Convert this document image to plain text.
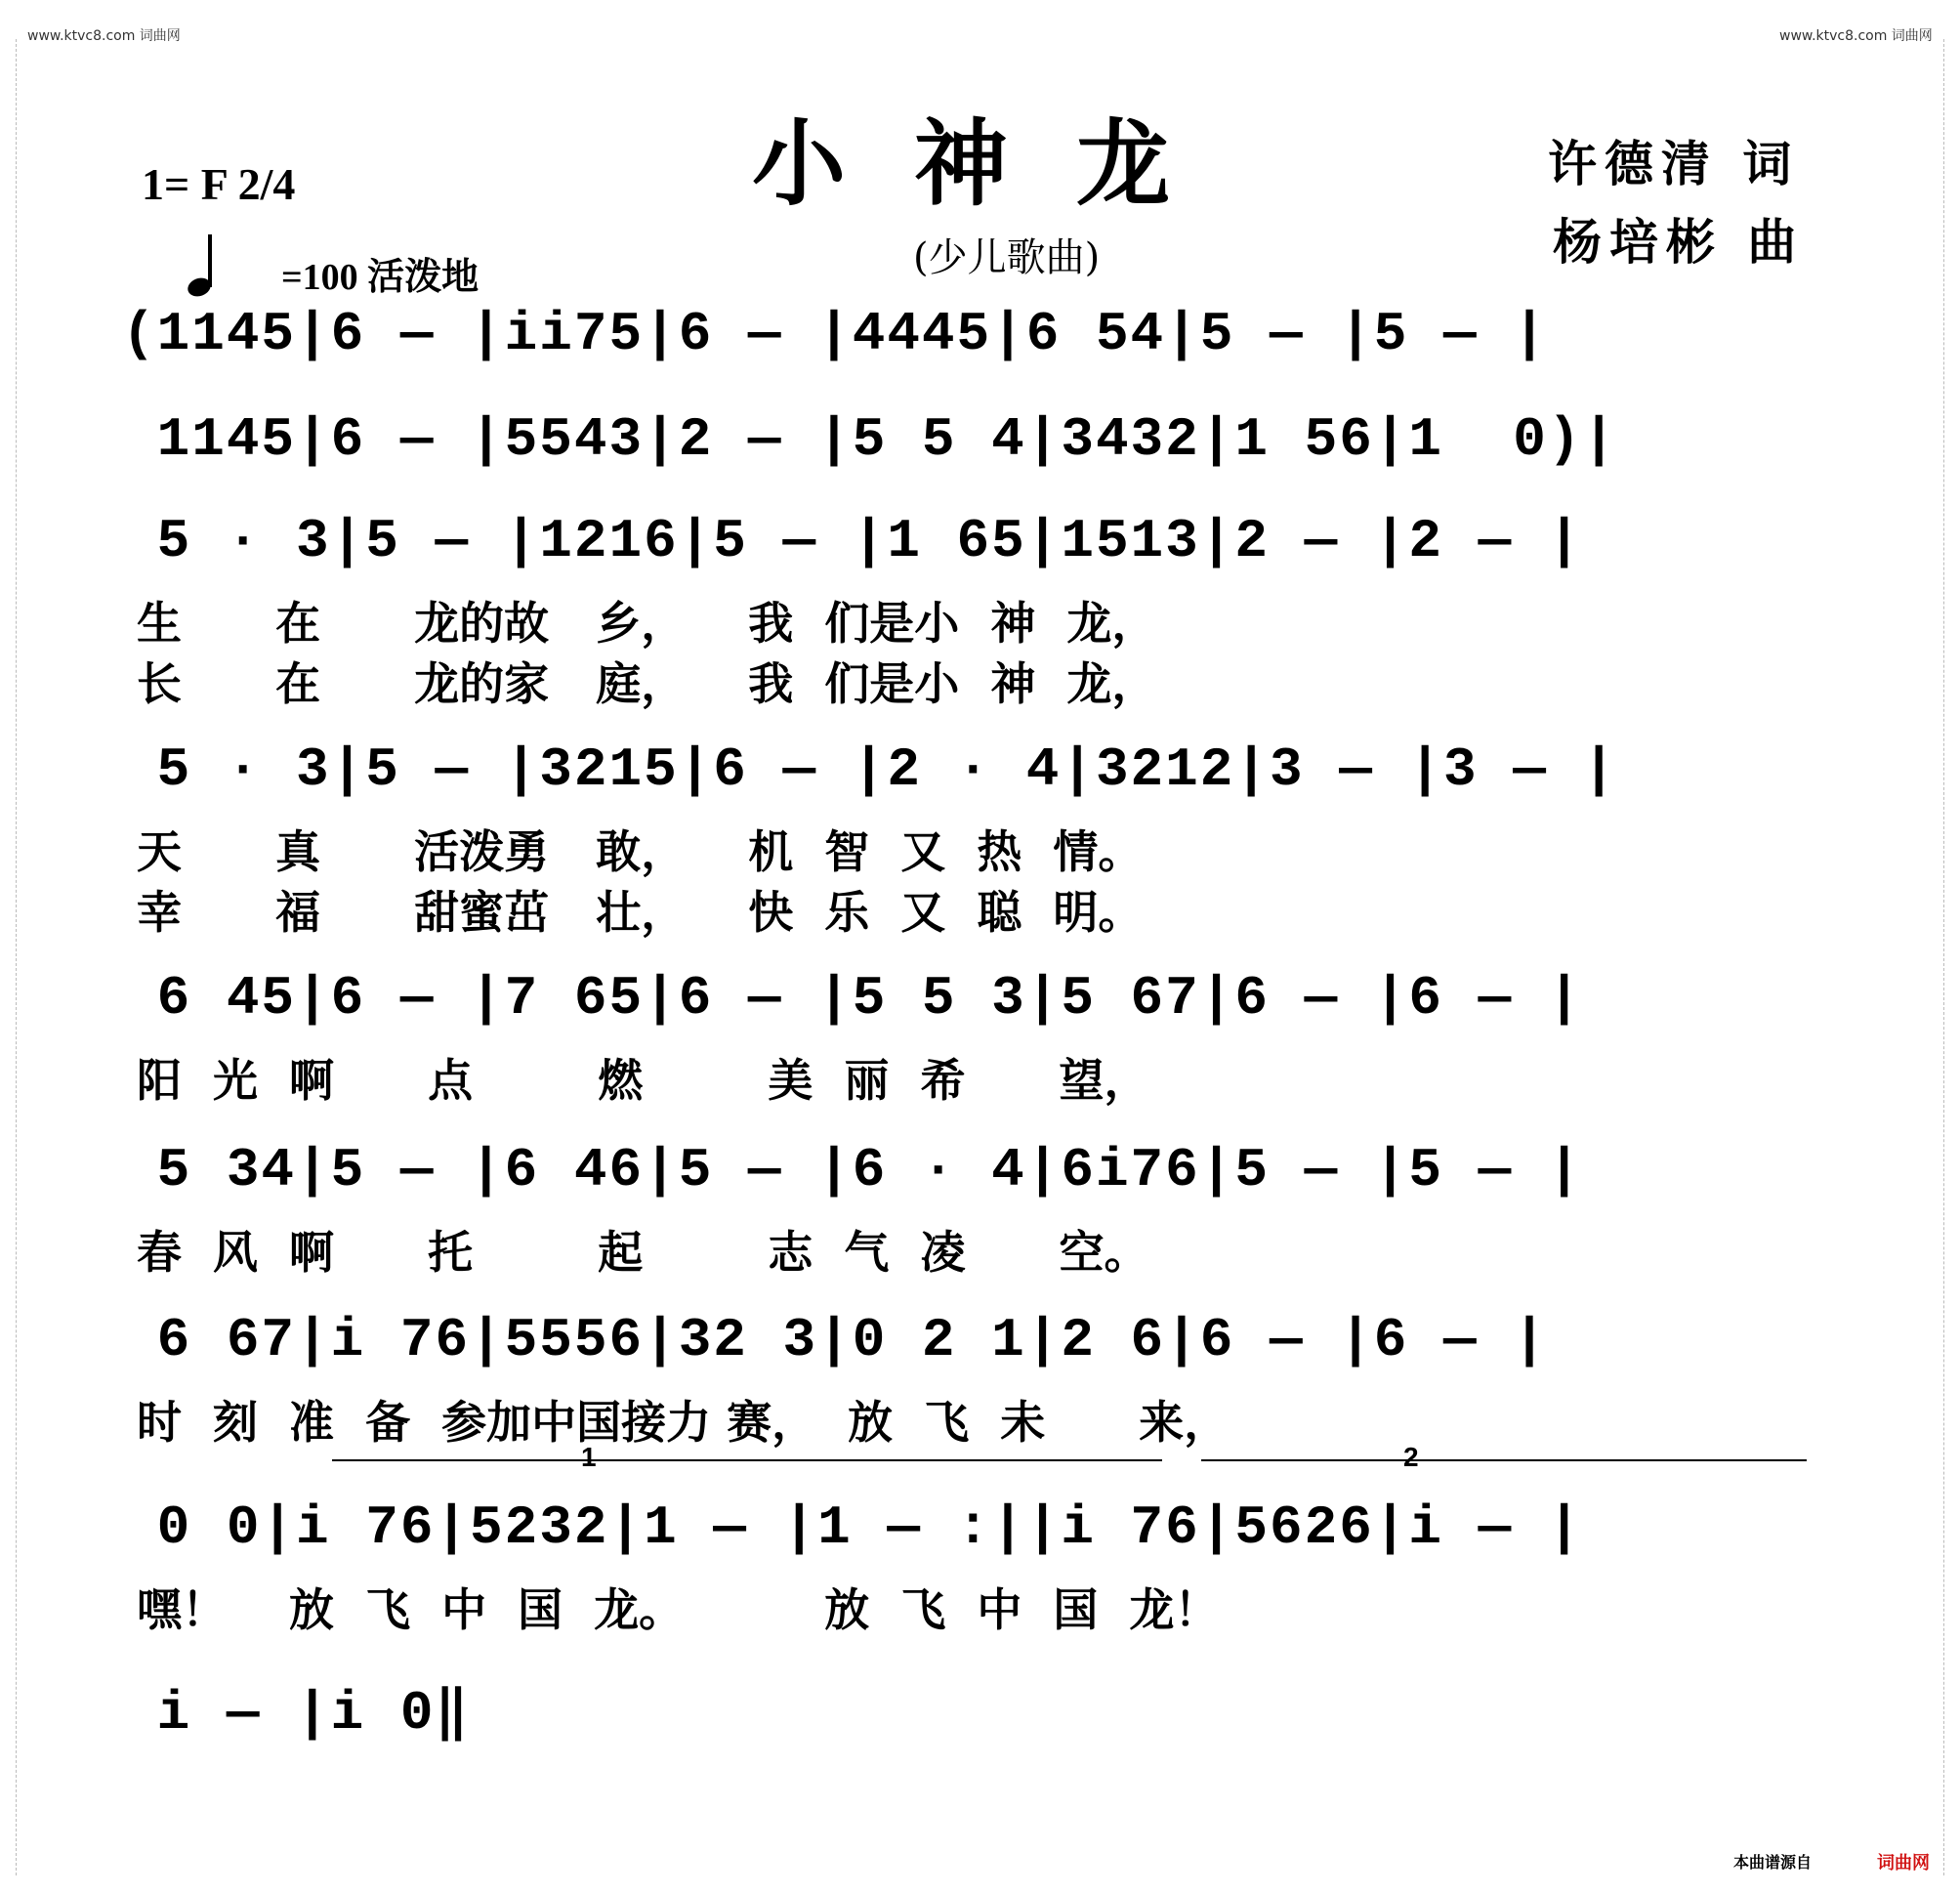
www.ktvc8.com 词曲网	www.ktvc8.com 词曲网
小神龙
(少儿歌曲)
许德清 词
杨培彬 曲
1= F 2/4
=100 活泼地
(1145|6 — |ii75|6 — |4445|6 54|5 — |5 — |
1145|6 — |5543|2 — |5 5 4|3432|1 56|1  0)|
5 · 3|5 — |1216|5 — |1 65|1513|2 — |2 — |
生      在      龙的故   乡，    我  们是小  神  龙，
长      在      龙的家   庭，    我  们是小  神  龙，
5 · 3|5 — |3215|6 — |2 · 4|3212|3 — |3 — |
天      真      活泼勇   敢，    机  智  又  热  情。
幸      福      甜蜜茁   壮，    快  乐  又  聪  明。
6 45|6 — |7 65|6 — |5 5 3|5 67|6 — |6 — |
阳  光  啊      点        燃        美  丽  希      望，
5 34|5 — |6 46|5 — |6 · 4|6i76|5 — |5 — |
春  风  啊      托        起        志  气  凌      空。
6 67|i 76|5556|32 3|0 2 1|2 6|6 — |6 — |
时  刻  准  备  参加中国接力 赛，  放  飞  未      来，
0 0|i 76|5232|1 — |1 — :||i 76|5626|i — |
嘿！    放  飞  中  国  龙。         放  飞  中  国  龙！
i — |i 0‖
1	2
本曲谱源自	词曲网
